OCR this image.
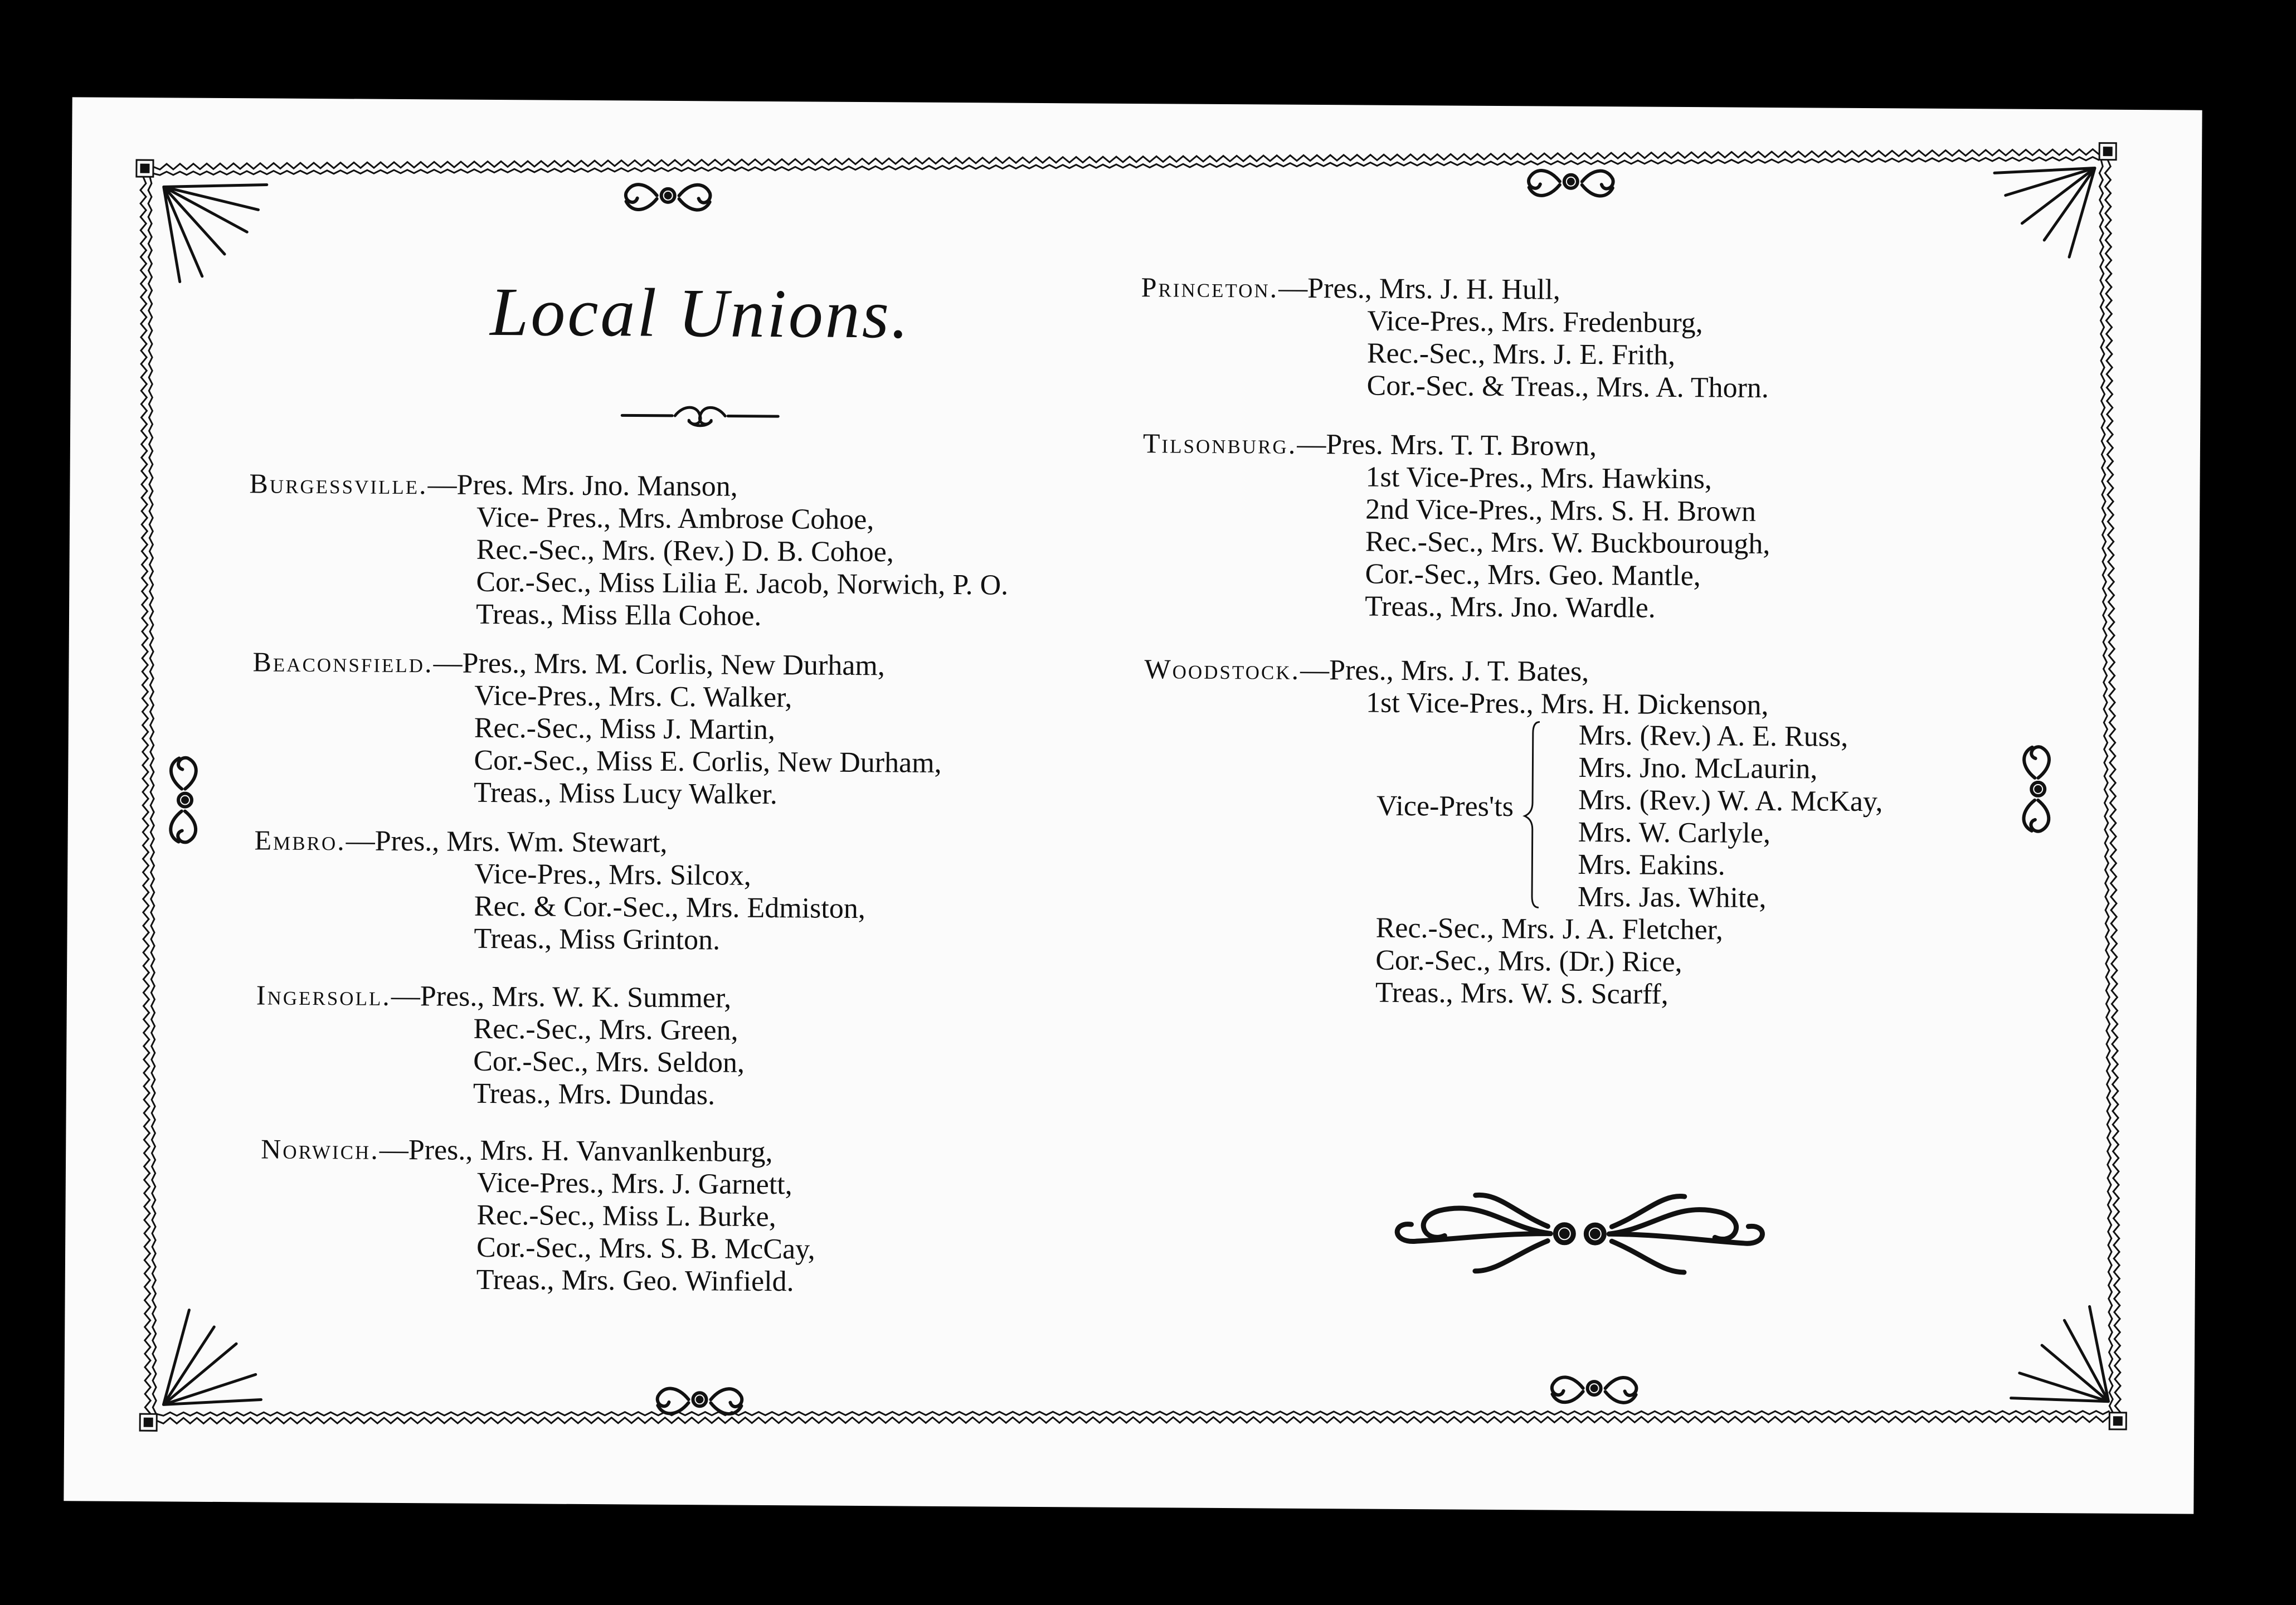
Local Unions.
Vice-Pres'ts
Mrs. (Rev.) A. E. Russ,
Mrs. Jno. McLaurin,
Mrs. (Rev.) W. A. McKay,
Mrs. W. Carlyle,
Mrs. Eakins.
Mrs. Jas. White,
Rec.-Sec., Mrs. J. A. Fletcher,
Cor.-Sec., Mrs. (Dr.) Rice,
Treas., Mrs. W. S. Scarff,
Burgessville.—Pres. Mrs. Jno. Manson,
Vice- Pres., Mrs. Ambrose Cohoe,
Rec.-Sec., Mrs. (Rev.) D. B. Cohoe,
Cor.-Sec., Miss Lilia E. Jacob, Norwich, P. O.
Treas., Miss Ella Cohoe.
Beaconsfield.—Pres., Mrs. M. Corlis, New Durham,
Vice-Pres., Mrs. C. Walker,
Rec.-Sec., Miss J. Martin,
Cor.-Sec., Miss E. Corlis, New Durham,
Treas., Miss Lucy Walker.
Embro.—Pres., Mrs. Wm. Stewart,
Vice-Pres., Mrs. Silcox,
Rec. & Cor.-Sec., Mrs. Edmiston,
Treas., Miss Grinton.
Ingersoll.—Pres., Mrs. W. K. Summer,
Rec.-Sec., Mrs. Green,
Cor.-Sec., Mrs. Seldon,
Treas., Mrs. Dundas.
Norwich.—Pres., Mrs. H. Vanvanlkenburg,
Vice-Pres., Mrs. J. Garnett,
Rec.-Sec., Miss L. Burke,
Cor.-Sec., Mrs. S. B. McCay,
Treas., Mrs. Geo. Winfield.
Princeton.—Pres., Mrs. J. H. Hull,
Vice-Pres., Mrs. Fredenburg,
Rec.-Sec., Mrs. J. E. Frith,
Cor.-Sec. & Treas., Mrs. A. Thorn.
Tilsonburg.—Pres. Mrs. T. T. Brown,
1st Vice-Pres., Mrs. Hawkins,
2nd Vice-Pres., Mrs. S. H. Brown
Rec.-Sec., Mrs. W. Buckbourough,
Cor.-Sec., Mrs. Geo. Mantle,
Treas., Mrs. Jno. Wardle.
Woodstock.—Pres., Mrs. J. T. Bates,
1st Vice-Pres., Mrs. H. Dickenson,
